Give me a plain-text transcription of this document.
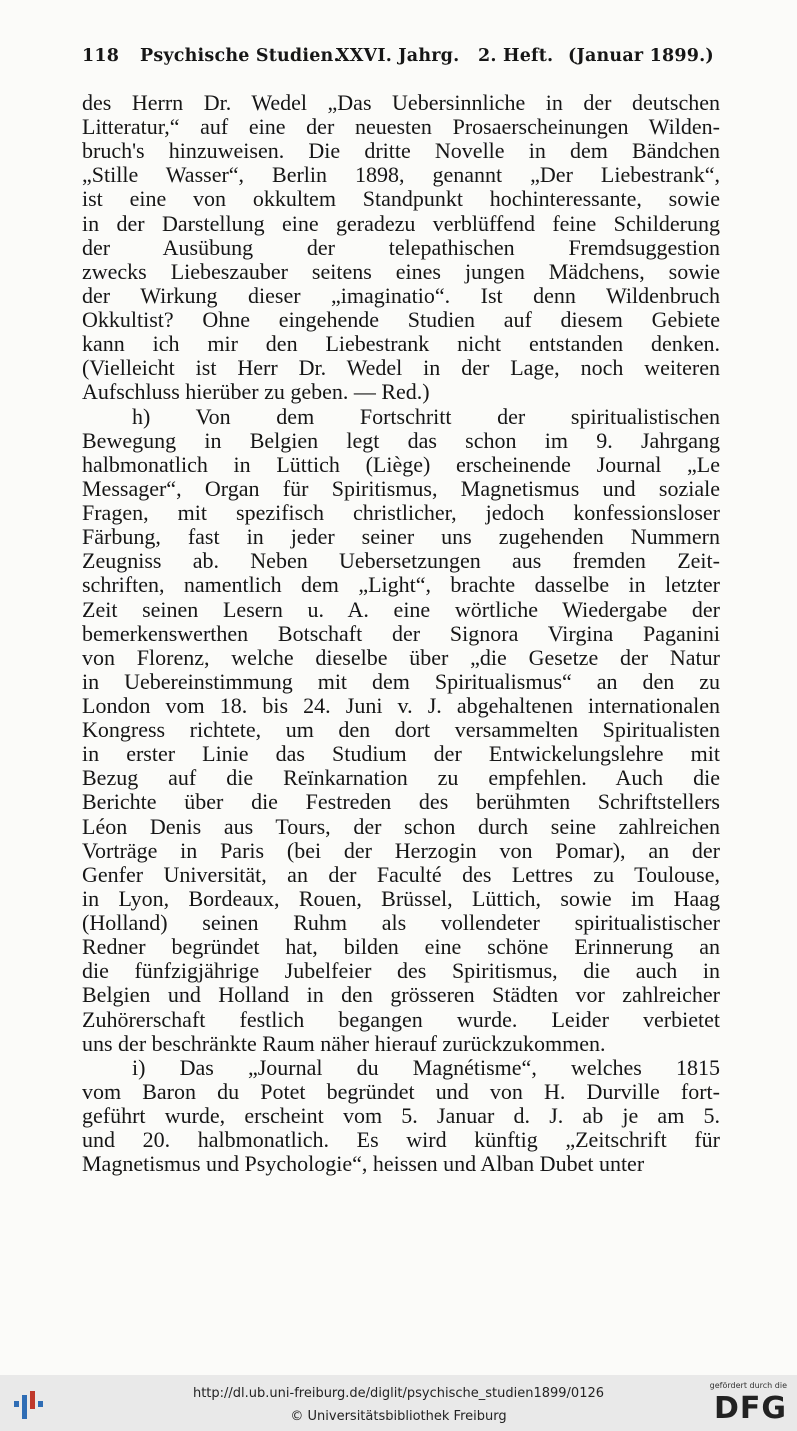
118 Psychische Studien.
XXVI. Jahrg. 2. Heft. (Januar 1899.)
des Herrn Dr. Wedel „Das Uebersinnliche in der deutschen
Litteratur,“ auf eine der neuesten Prosaerscheinungen Wilden-
bruch's hinzuweisen. Die dritte Novelle in dem Bändchen
„Stille Wasser“, Berlin 1898, genannt „Der Liebestrank“,
ist eine von okkultem Standpunkt hochinteressante, sowie
in der Darstellung eine geradezu verblüffend feine Schilderung
der Ausübung der telepathischen Fremdsuggestion
zwecks Liebeszauber seitens eines jungen Mädchens, sowie
der Wirkung dieser „imaginatio“. Ist denn Wildenbruch
Okkultist? Ohne eingehende Studien auf diesem Gebiete
kann ich mir den Liebestrank nicht entstanden denken.
(Vielleicht ist Herr Dr. Wedel in der Lage, noch weiteren
Aufschluss hierüber zu geben. — Red.)
h) Von dem Fortschritt der spiritualistischen
Bewegung in Belgien legt das schon im 9. Jahrgang
halbmonatlich in Lüttich (Liège) erscheinende Journal „Le
Messager“, Organ für Spiritismus, Magnetismus und soziale
Fragen, mit spezifisch christlicher, jedoch konfessionsloser
Färbung, fast in jeder seiner uns zugehenden Nummern
Zeugniss ab. Neben Uebersetzungen aus fremden Zeit-
schriften, namentlich dem „Light“, brachte dasselbe in letzter
Zeit seinen Lesern u. A. eine wörtliche Wiedergabe der
bemerkenswerthen Botschaft der Signora Virgina Paganini
von Florenz, welche dieselbe über „die Gesetze der Natur
in Uebereinstimmung mit dem Spiritualismus“ an den zu
London vom 18. bis 24. Juni v. J. abgehaltenen internationalen
Kongress richtete, um den dort versammelten Spiritualisten
in erster Linie das Studium der Entwickelungslehre mit
Bezug auf die Reïnkarnation zu empfehlen. Auch die
Berichte über die Festreden des berühmten Schriftstellers
Léon Denis aus Tours, der schon durch seine zahlreichen
Vorträge in Paris (bei der Herzogin von Pomar), an der
Genfer Universität, an der Faculté des Lettres zu Toulouse,
in Lyon, Bordeaux, Rouen, Brüssel, Lüttich, sowie im Haag
(Holland) seinen Ruhm als vollendeter spiritualistischer
Redner begründet hat, bilden eine schöne Erinnerung an
die fünfzigjährige Jubelfeier des Spiritismus, die auch in
Belgien und Holland in den grösseren Städten vor zahlreicher
Zuhörerschaft festlich begangen wurde. Leider verbietet
uns der beschränkte Raum näher hierauf zurückzukommen.
i) Das „Journal du Magnétisme“, welches 1815
vom Baron du Potet begründet und von H. Durville fort-
geführt wurde, erscheint vom 5. Januar d. J. ab je am 5.
und 20. halbmonatlich. Es wird künftig „Zeitschrift für
Magnetismus und Psychologie“, heissen und Alban Dubet unter
http://dl.ub.uni-freiburg.de/diglit/psychische_studien1899/0126
© Universitätsbibliothek Freiburg
gefördert durch die
DFG
